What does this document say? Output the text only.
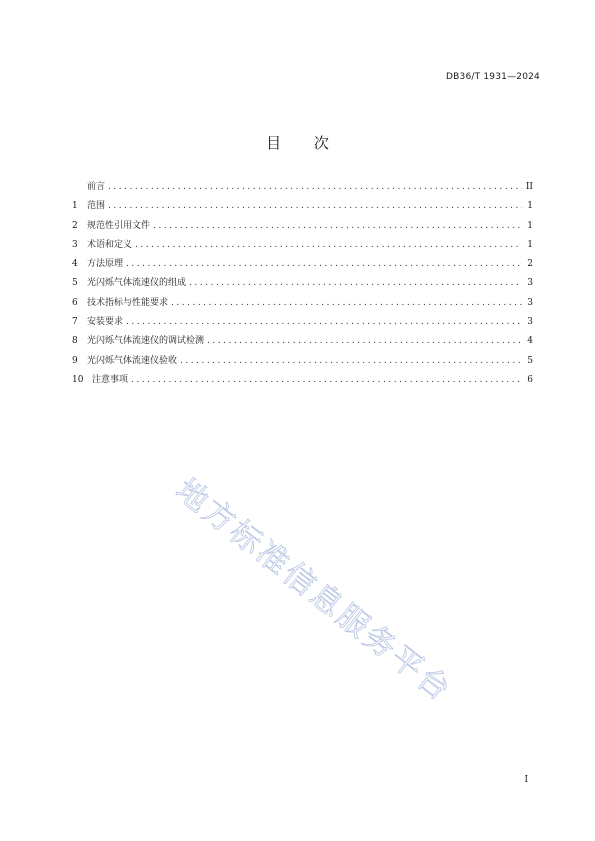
DB36/T 1931—2024
目 次
前言 .....	II
1	范围 .....	1
2	规范性引用文件 .....	1
3	术语和定义 .....	1
4	方法原理 .....	2
5	光闪烁气体流速仪的组成 .....	3
6	技术指标与性能要求 .....	3
7	安装要求 .....	3
8	光闪烁气体流速仪的调试检测 .....	4
9	光闪烁气体流速仪验收 .....	5
10 注意事项 .....	6
地方标准信息服务平台
I
